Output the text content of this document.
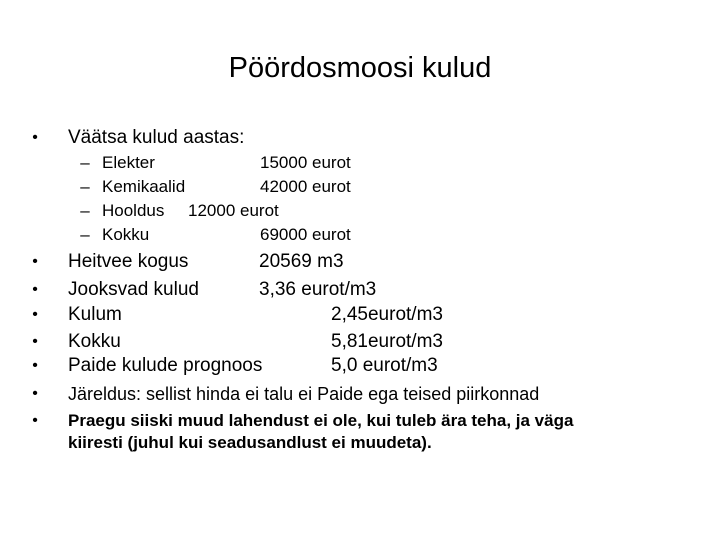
Pöördosmoosi kulud
• Väätsa kulud aastas:
– Elekter	15000 eurot
– Kemikaalid	42000 eurot
– Hooldus 12000 eurot
– Kokku	69000 eurot
• Heitvee kogus	20569 m3
• Jooksvad kulud	3,36 eurot/m3
• Kulum	2,45eurot/m3
• Kokku	5,81eurot/m3
• Paide kulude prognoos	5,0 eurot/m3
• Järeldus: sellist hinda ei talu ei Paide ega teised piirkonnad
• Praegu siiski muud lahendust ei ole, kui tuleb ära teha, ja väga
kiiresti (juhul kui seadusandlust ei muudeta).
